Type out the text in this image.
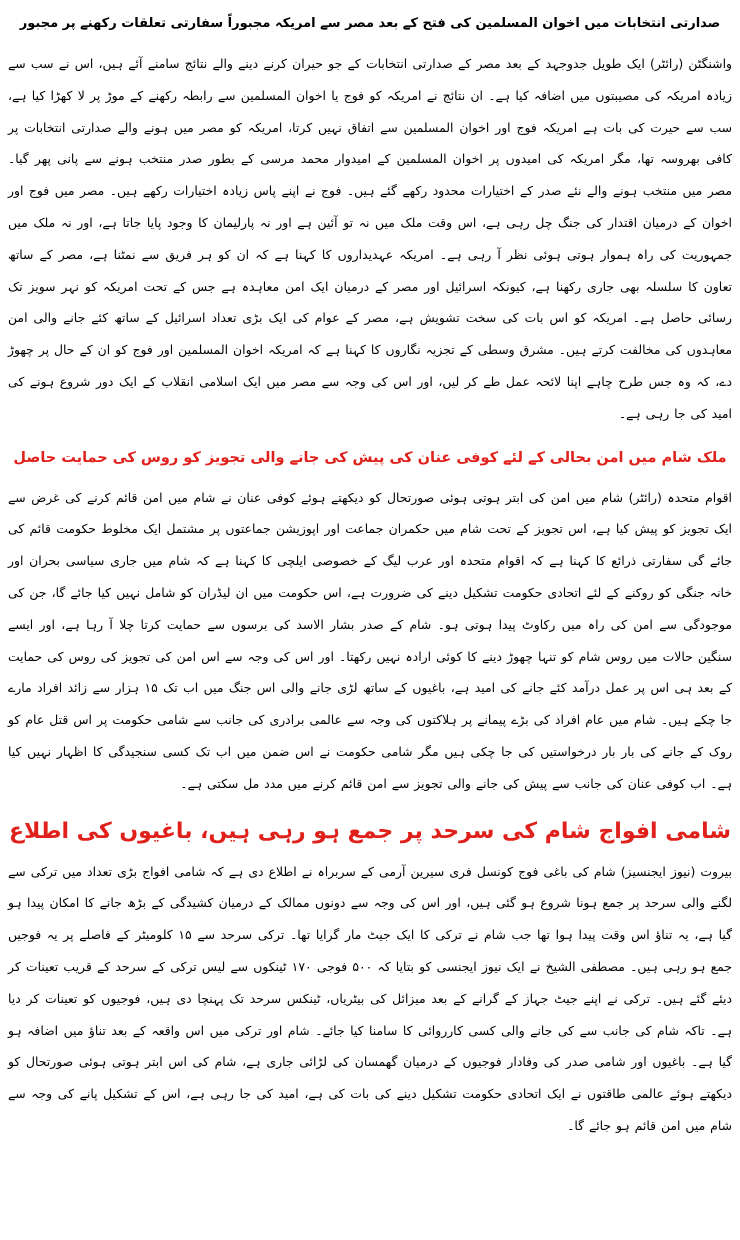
صدارتی انتخابات میں اخوان المسلمین کی فتح کے بعد مصر سے امریکہ مجبوراً سفارتی تعلقات رکھنے پر مجبور

واشنگٹن (رائٹر) ایک طویل جدوجہد کے بعد مصر کے صدارتی انتخابات کے جو حیران کرنے دینے والے نتائج سامنے آئے ہیں، اس نے سب سے زیادہ امریکہ کی مصیبتوں میں اضافہ کیا ہے۔ ان نتائج نے امریکہ کو فوج یا اخوان المسلمین سے رابطہ رکھنے کے موڑ پر لا کھڑا کیا ہے، سب سے حیرت کی بات ہے امریکہ فوج اور اخوان المسلمین سے اتفاق نہیں کرتا، امریکہ کو مصر میں ہونے والے صدارتی انتخابات پر کافی بھروسہ تھا، مگر امریکہ کی امیدوں پر اخوان المسلمین کے امیدوار محمد مرسی کے بطور صدر منتخب ہونے سے پانی پھر گیا۔ مصر میں منتخب ہونے والے نئے صدر کے اختیارات محدود رکھے گئے ہیں۔ فوج نے اپنے پاس زیادہ اختیارات رکھے ہیں۔ مصر میں فوج اور اخوان کے درمیان اقتدار کی جنگ چل رہی ہے، اس وقت ملک میں نہ تو آئین ہے اور نہ پارلیمان کا وجود پایا جاتا ہے، اور نہ ملک میں جمہوریت کی راہ ہموار ہوتی ہوئی نظر آ رہی ہے۔ امریکہ عہدیداروں کا کہنا ہے کہ ان کو ہر فریق سے نمٹنا ہے، مصر کے ساتھ تعاون کا سلسلہ بھی جاری رکھنا ہے، کیونکہ اسرائیل اور مصر کے درمیان ایک امن معاہدہ ہے جس کے تحت امریکہ کو نہر سویز تک رسائی حاصل ہے۔ امریکہ کو اس بات کی سخت تشویش ہے، مصر کے عوام کی ایک بڑی تعداد اسرائیل کے ساتھ کئے جانے والی امن معاہدوں کی مخالفت کرتے ہیں۔ مشرق وسطی کے تجزیہ نگاروں کا کہنا ہے کہ امریکہ اخوان المسلمین اور فوج کو ان کے حال پر چھوڑ دے، کہ وہ جس طرح چاہے اپنا لائحہ عمل طے کر لیں، اور اس کی وجہ سے مصر میں ایک اسلامی انقلاب کے ایک دور شروع ہونے کی امید کی جا رہی ہے۔

ملک شام میں امن بحالی کے لئے کوفی عنان کی پیش کی جانے والی تجویز کو روس کی حمایت حاصل

اقوام متحدہ (رائٹر) شام میں امن کی ابتر ہوتی ہوئی صورتحال کو دیکھتے ہوئے کوفی عنان نے شام میں امن قائم کرنے کی غرض سے ایک تجویز کو پیش کیا ہے، اس تجویز کے تحت شام میں حکمران جماعت اور اپوزیشن جماعتوں پر مشتمل ایک مخلوط حکومت قائم کی جائے گی سفارتی ذرائع کا کہنا ہے کہ اقوام متحدہ اور عرب لیگ کے خصوصی ایلچی کا کہنا ہے کہ شام میں جاری سیاسی بحران اور خانہ جنگی کو روکنے کے لئے اتحادی حکومت تشکیل دینے کی ضرورت ہے، اس حکومت میں ان لیڈران کو شامل نہیں کیا جائے گا، جن کی موجودگی سے امن کی راہ میں رکاوٹ پیدا ہوتی ہو۔ شام کے صدر بشار الاسد کی برسوں سے حمایت کرتا چلا آ رہا ہے، اور ایسے سنگین حالات میں روس شام کو تنہا چھوڑ دینے کا کوئی ارادہ نہیں رکھتا۔ اور اس کی وجہ سے اس امن کی تجویز کی روس کی حمایت کے بعد ہی اس پر عمل درآمد کئے جانے کی امید ہے، باغیوں کے ساتھ لڑی جانے والی اس جنگ میں اب تک ۱۵ ہزار سے زائد افراد مارے جا چکے ہیں۔ شام میں عام افراد کی بڑے پیمانے پر ہلاکتوں کی وجہ سے عالمی برادری کی جانب سے شامی حکومت پر اس قتل عام کو روک کے جانے کی بار بار درخواستیں کی جا چکی ہیں مگر شامی حکومت نے اس ضمن میں اب تک کسی سنجیدگی کا اظہار نہیں کیا ہے۔ اب کوفی عنان کی جانب سے پیش کی جانے والی تجویز سے امن قائم کرنے میں مدد مل سکتی ہے۔

شامی افواج شام کی سرحد پر جمع ہو رہی ہیں، باغیوں کی اطلاع

بیروت (نیوز ایجنسیز) شام کی باغی فوج کونسل فری سیرین آرمی کے سربراہ نے اطلاع دی ہے کہ شامی افواج بڑی تعداد میں ترکی سے لگنے والی سرحد پر جمع ہونا شروع ہو گئی ہیں، اور اس کی وجہ سے دونوں ممالک کے درمیان کشیدگی کے بڑھ جانے کا امکان پیدا ہو گیا ہے، یہ تناؤ اس وقت پیدا ہوا تھا جب شام نے ترکی کا ایک جیٹ مار گرایا تھا۔ ترکی سرحد سے ۱۵ کلومیٹر کے فاصلے پر یہ فوجیں جمع ہو رہی ہیں۔ مصطفی الشیخ نے ایک نیوز ایجنسی کو بتایا کہ ۵۰۰ فوجی ۱۷۰ ٹینکوں سے لیس ترکی کے سرحد کے قریب تعینات کر دیئے گئے ہیں۔ ترکی نے اپنے جیٹ جہاز کے گرانے کے بعد میزائل کی بیٹریاں، ٹینکس سرحد تک پہنچا دی ہیں، فوجیوں کو تعینات کر دیا ہے۔ تاکہ شام کی جانب سے کی جانے والی کسی کارروائی کا سامنا کیا جائے۔ شام اور ترکی میں اس واقعہ کے بعد تناؤ میں اضافہ ہو گیا ہے۔ باغیوں اور شامی صدر کی وفادار فوجیوں کے درمیان گھمسان کی لڑائی جاری ہے، شام کی اس ابتر ہوتی ہوئی صورتحال کو دیکھتے ہوئے عالمی طاقتوں نے ایک اتحادی حکومت تشکیل دینے کی بات کی ہے، امید کی جا رہی ہے، اس کے تشکیل پانے کی وجہ سے شام میں امن قائم ہو جائے گا۔
